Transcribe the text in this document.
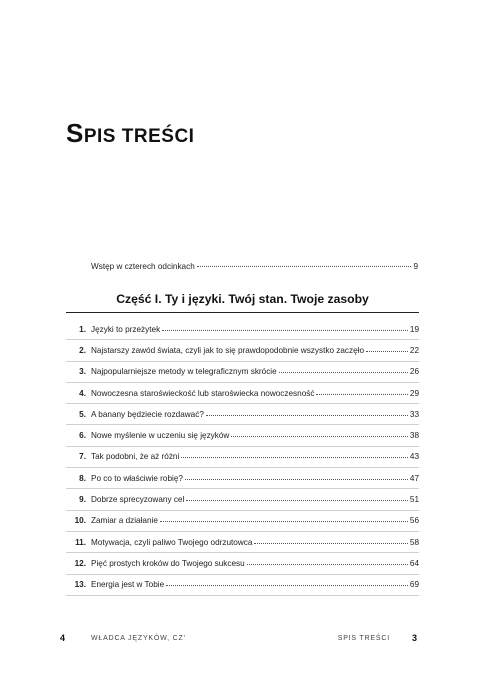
SPIS TREŚCI
Wstęp w czterech odcinkach	9
Część I. Ty i języki. Twój stan. Twoje zasoby
1. Języki to przeżytek	19
2. Najstarszy zawód świata, czyli jak to się prawdopodobnie wszystko zaczęło	22
3. Najpopularniejsze metody w telegraficznym skrócie	26
4. Nowoczesna staroświeckość lub staroświecka nowoczesność	29
5. A banany będziecie rozdawać?	33
6. Nowe myślenie w uczeniu się języków	38
7. Tak podobni, że aż różni	43
8. Po co to właściwie robię?	47
9. Dobrze sprecyzowany cel	51
10. Zamiar a działanie	56
11. Motywacja, czyli paliwo Twojego odrzutowca	58
12. Pięć prostych kroków do Twojego sukcesu	64
13. Energia jest w Tobie	69
4	WŁADCA JĘZYKÓW, CZ'	SPIS TREŚCI 3
